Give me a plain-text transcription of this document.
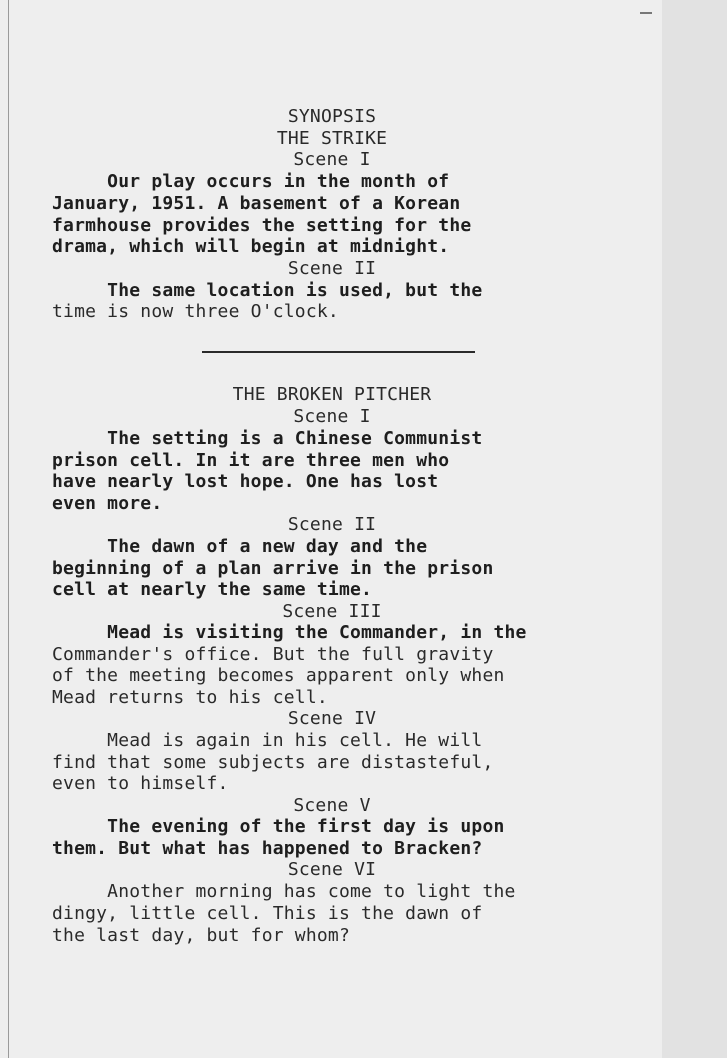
SYNOPSIS
THE STRIKE
Scene I
Our play occurs in the month of
January, 1951. A basement of a Korean
farmhouse provides the setting for the
drama, which will begin at midnight.
Scene II
The same location is used, but the
time is now three O'clock.
THE BROKEN PITCHER
Scene I
The setting is a Chinese Communist
prison cell. In it are three men who
have nearly lost hope. One has lost
even more.
Scene II
The dawn of a new day and the
beginning of a plan arrive in the prison
cell at nearly the same time.
Scene III
Mead is visiting the Commander, in the
Commander's office. But the full gravity
of the meeting becomes apparent only when
Mead returns to his cell.
Scene IV
Mead is again in his cell. He will
find that some subjects are distasteful,
even to himself.
Scene V
The evening of the first day is upon
them. But what has happened to Bracken?
Scene VI
Another morning has come to light the
dingy, little cell. This is the dawn of
the last day, but for whom?
